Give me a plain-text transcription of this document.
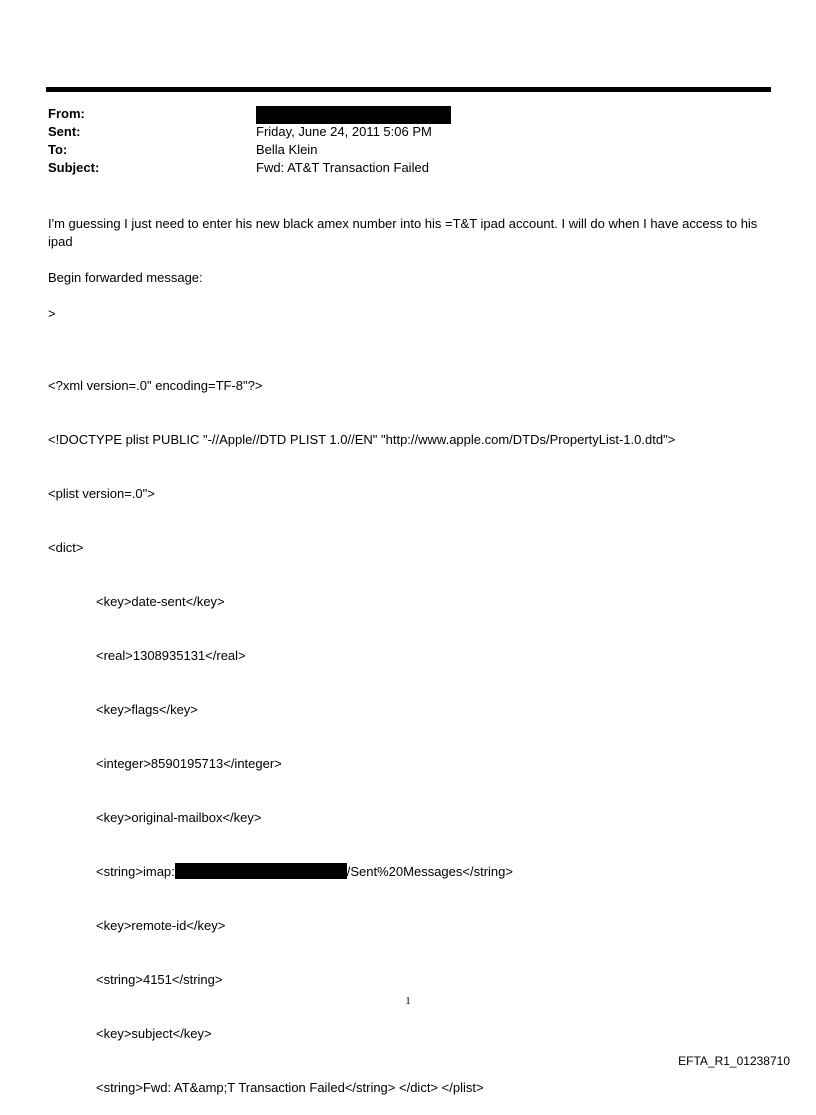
From:
Sent:	Friday, June 24, 2011 5:06 PM
To:	Bella Klein
Subject:	Fwd: AT&T Transaction Failed
I'm guessing I just need to enter his new black amex number into his =T&T ipad account. I will do when I have access to his ipad
Begin forwarded message:
>

<?xml version=.0" encoding=TF-8"?>

<!DOCTYPE plist PUBLIC "-//Apple//DTD PLIST 1.0//EN" "http://www.apple.com/DTDs/PropertyList-1.0.dtd">

<plist version=.0">

<dict>

<key>date-sent</key>

<real>1308935131</real>

<key>flags</key>

<integer>8590195713</integer>

<key>original-mailbox</key>

<string>imap:	/Sent%20Messages</string>

<key>remote-id</key>

<string>4151</string>

<key>subject</key>

<string>Fwd: AT&amp;T Transaction Failed</string> </dict> </plist>

1
EFTA_R1_01238710
